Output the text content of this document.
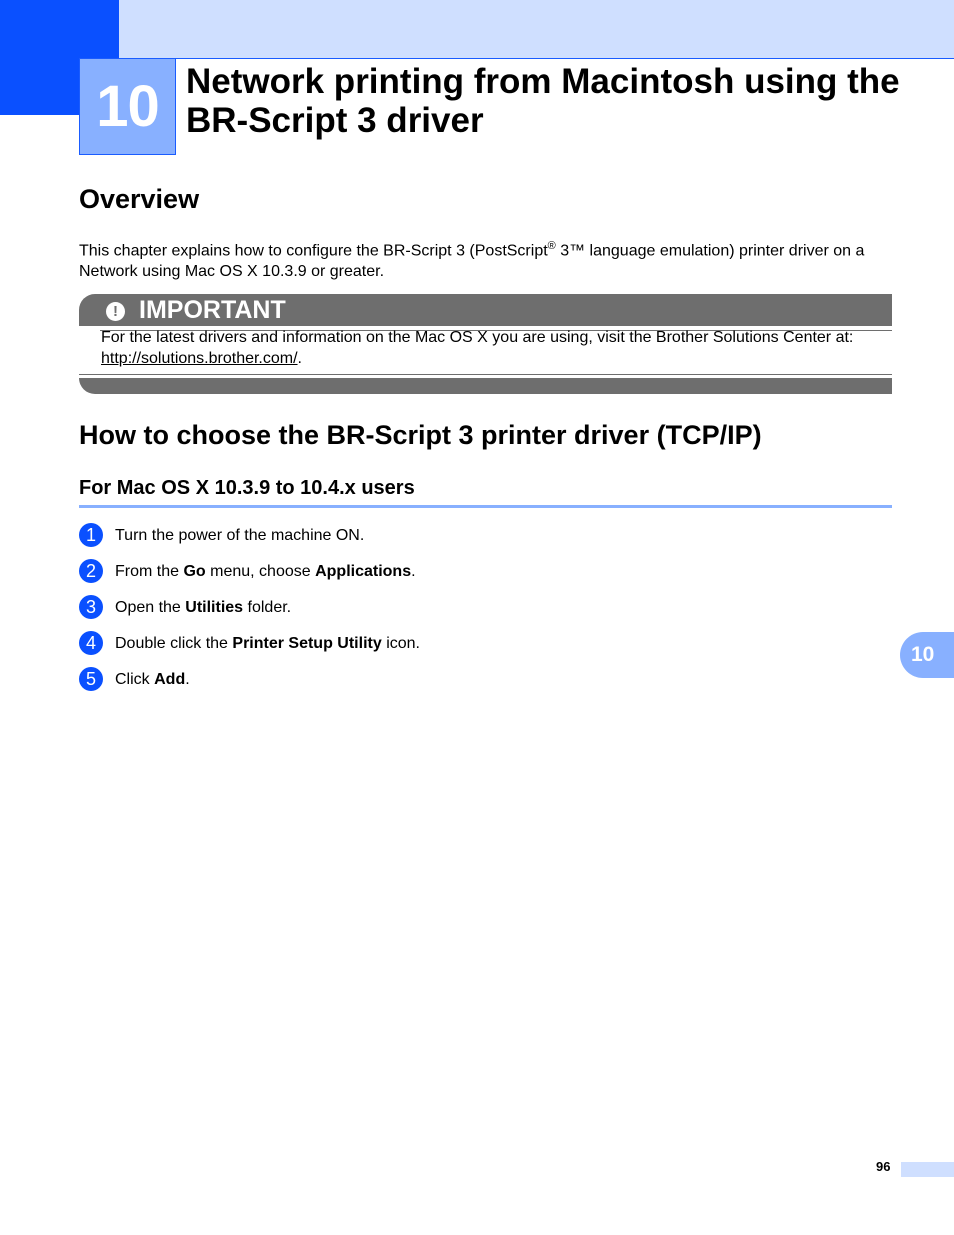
10 Network printing from Macintosh using the BR-Script 3 driver
Overview

This chapter explains how to configure the BR-Script 3 (PostScript® 3™ language emulation) printer driver on a Network using Mac OS X 10.3.9 or greater.

! IMPORTANT

For the latest drivers and information on the Mac OS X you are using, visit the Brother Solutions Center at: http://solutions.brother.com/.

How to choose the BR-Script 3 printer driver (TCP/IP)
For Mac OS X 10.3.9 to 10.4.x users
1	Turn the power of the machine ON.
2	From the Go menu, choose Applications.
3	Open the Utilities folder.
4	Double click the Printer Setup Utility icon.
5	Click Add.
10
96
